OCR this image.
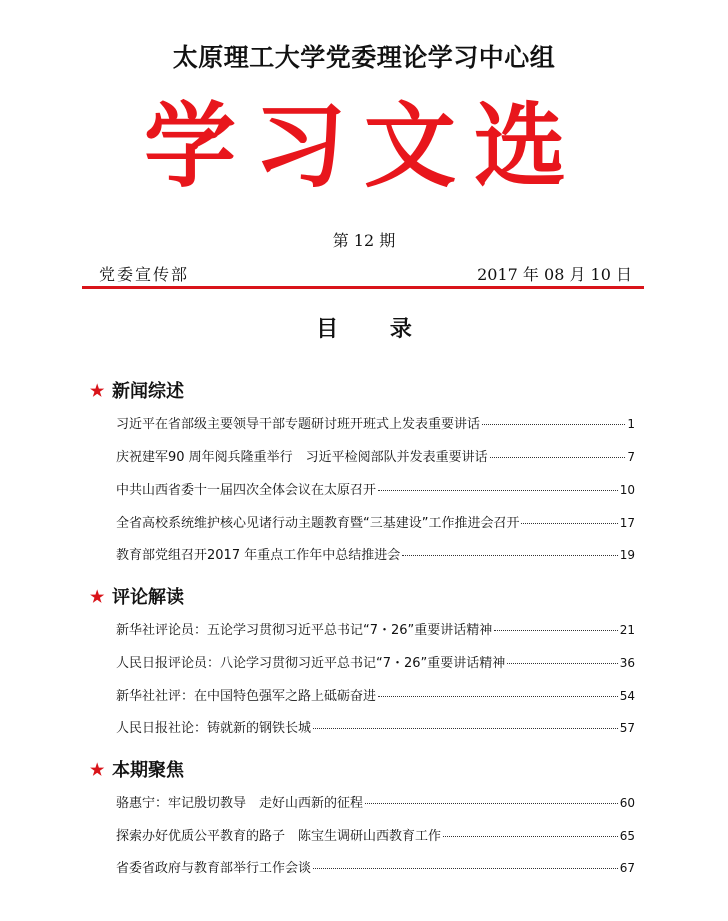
太原理工大学党委理论学习中心组
学习文选
第 12 期
党委宣传部	2017 年 08 月 10 日
目 录
★ 新闻综述
习近平在省部级主要领导干部专题研讨班开班式上发表重要讲话	1
庆祝建军90 周年阅兵隆重举行　习近平检阅部队并发表重要讲话	7
中共山西省委十一届四次全体会议在太原召开	10
全省高校系统维护核心见诸行动主题教育暨“三基建设”工作推进会召开	17
教育部党组召开2017 年重点工作年中总结推进会	19
★ 评论解读
新华社评论员：五论学习贯彻习近平总书记“7・26”重要讲话精神	21
人民日报评论员：八论学习贯彻习近平总书记“7・26”重要讲话精神	36
新华社社评：在中国特色强军之路上砥砺奋进	54
人民日报社论：铸就新的钢铁长城	57
★ 本期聚焦
骆惠宁：牢记殷切教导　走好山西新的征程	60
探索办好优质公平教育的路子　陈宝生调研山西教育工作	65
省委省政府与教育部举行工作会谈	67
